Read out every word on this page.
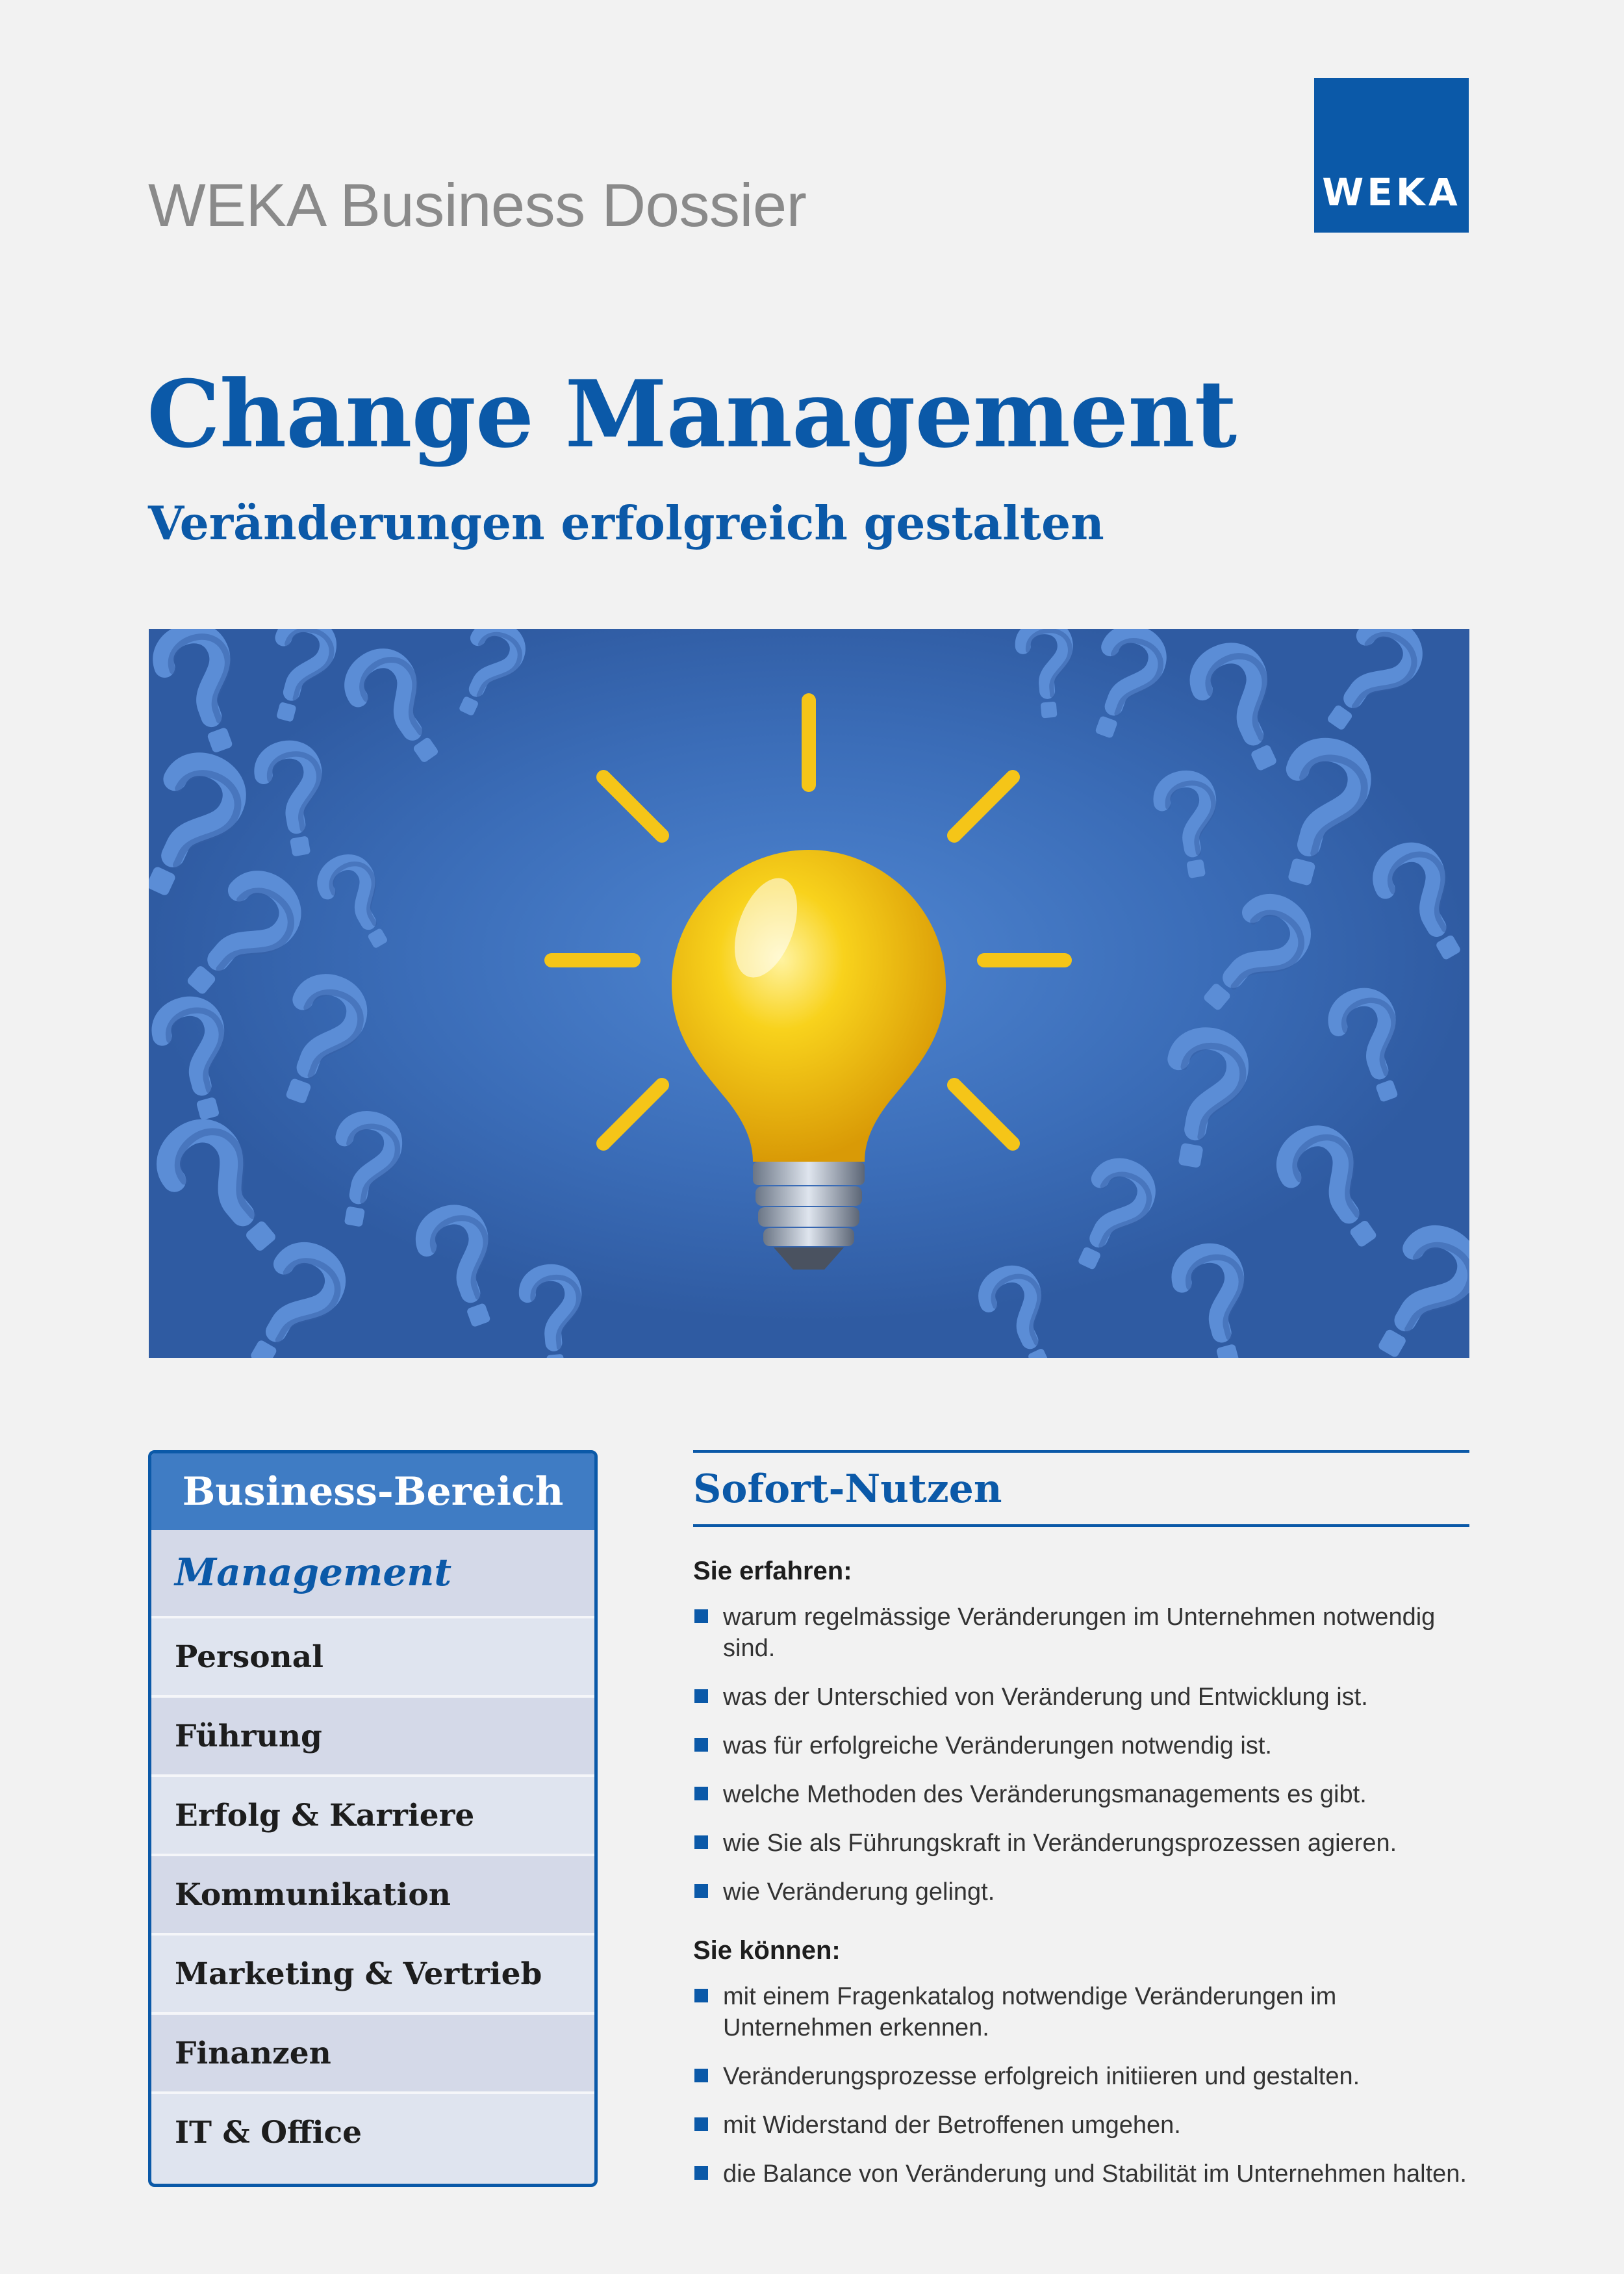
WEKA Business Dossier	WEKA
Change Management
Veränderungen erfolgreich gestalten
Business-Bereich
Management
Personal
Führung
Erfolg & Karriere
Kommunikation
Marketing & Vertrieb
Finanzen
IT & Office
Sofort-Nutzen
Sie erfahren:
warum regelmässige Veränderungen im Unternehmen notwendig sind.
was der Unterschied von Veränderung und Entwicklung ist.
was für erfolgreiche Veränderungen notwendig ist.
welche Methoden des Veränderungsmanagements es gibt.
wie Sie als Führungskraft in Veränderungsprozessen agieren.
wie Veränderung gelingt.
Sie können:
mit einem Fragenkatalog notwendige Veränderungen im Unternehmen erkennen.
Veränderungsprozesse erfolgreich initiieren und gestalten.
mit Widerstand der Betroffenen umgehen.
die Balance von Veränderung und Stabilität im Unternehmen halten.
